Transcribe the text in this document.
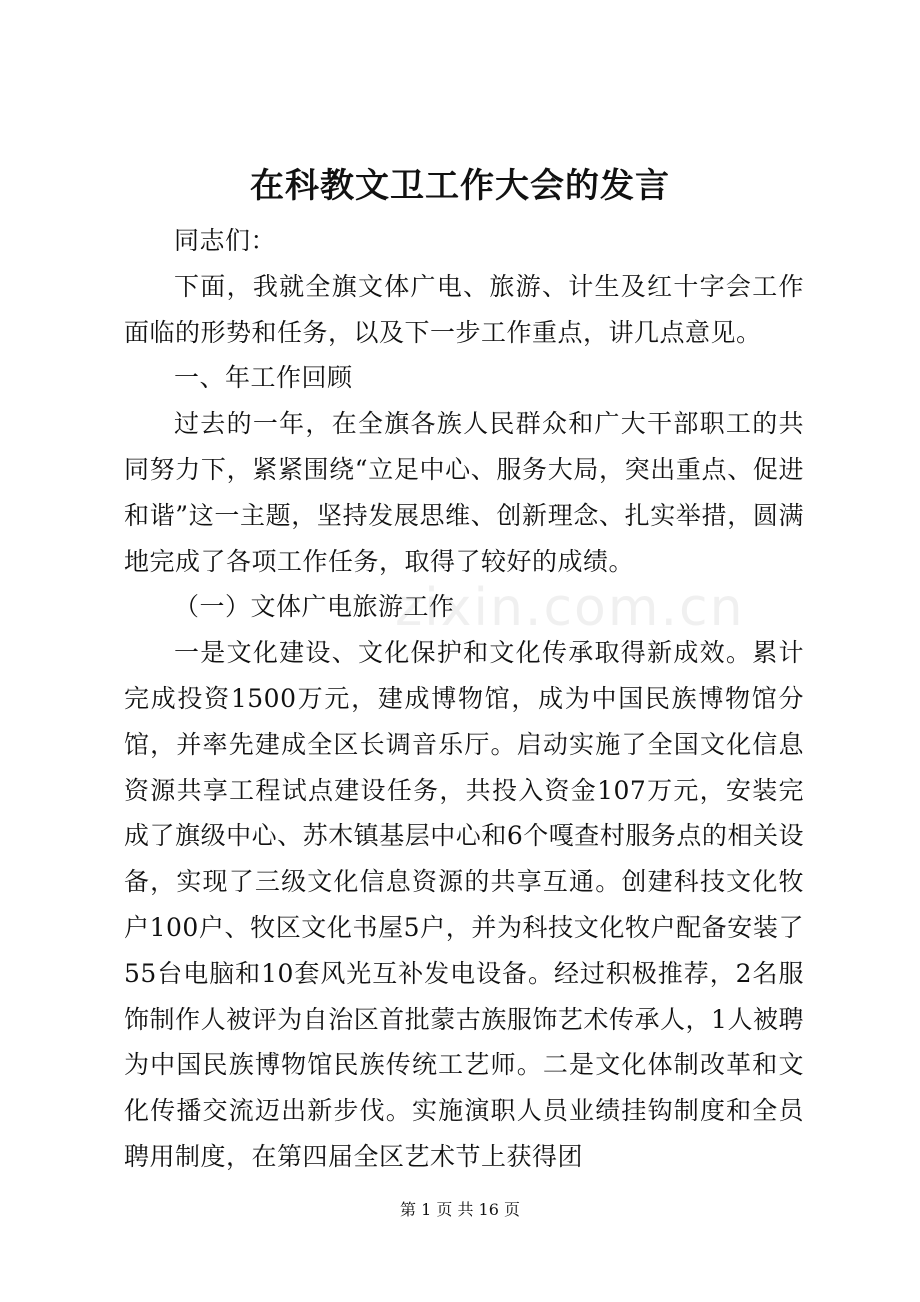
在科教文卫工作大会的发言

同志们：

下面，我就全旗文体广电、旅游、计生及红十字会工作面临的形势和任务，以及下一步工作重点，讲几点意见。

一、年工作回顾

过去的一年，在全旗各族人民群众和广大干部职工的共同努力下，紧紧围绕“立足中心、服务大局，突出重点、促进和谐”这一主题，坚持发展思维、创新理念、扎实举措，圆满地完成了各项工作任务，取得了较好的成绩。

（一）文体广电旅游工作

一是文化建设、文化保护和文化传承取得新成效。累计完成投资1500万元，建成博物馆，成为中国民族博物馆分馆，并率先建成全区长调音乐厅。启动实施了全国文化信息资源共享工程试点建设任务，共投入资金107万元，安装完成了旗级中心、苏木镇基层中心和6个嘎查村服务点的相关设备，实现了三级文化信息资源的共享互通。创建科技文化牧户100户、牧区文化书屋5户，并为科技文化牧户配备安装了55台电脑和10套风光互补发电设备。经过积极推荐，2名服饰制作人被评为自治区首批蒙古族服饰艺术传承人，1人被聘为中国民族博物馆民族传统工艺师。二是文化体制改革和文化传播交流迈出新步伐。实施演职人员业绩挂钩制度和全员聘用制度，在第四届全区艺术节上获得团

zixin.com.cn
第 1 页 共 16 页
